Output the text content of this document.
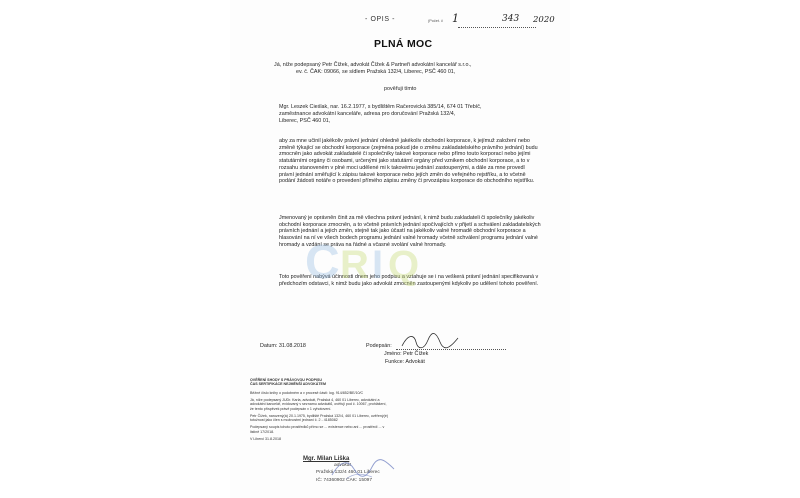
- OPIS -	(Počet. č 1	343 2020
PLNÁ MOC
Já, níže podepsaný Petr Čížek, advokát Čížek & Partneři advokátní kancelář s.r.o.,
ev. č. ČAK: 09066, se sídlem Pražská 132/4, Liberec, PSČ 460 01,
pověřuji tímto
Mgr. Leszek Cieślak, nar. 16.2.1977, s bydlištěm Račerovická 385/14, 674 01 Třebíč,
zaměstnance advokátní kanceláře, adresa pro doručování Pražská 132/4,
Liberec, PSČ 460 01,

aby za mne učinil jakékoliv právní jednání ohledně jakékoliv obchodní korporace, k jejímuž založení nebo změně týkající se obchodní korporace (zejména pokud jde o změnu zakladatelského právního jednání) budu zmocněn jako advokát zakladatelé či společníky takové korporace nebo přímo touto korporací nebo jejími statutárními orgány či osobami, určenými jako statutární orgány před vznikem obchodní korporace, a to v rozsahu stanoveném v plné moci udělené mi k takovému jednání zastoupenými, a dále za mne provedl právní jednání směřující k zápisu takové korporace nebo jejích změn do veřejného rejstříku, a to včetně podání žádosti notáře o provedení přímého zápisu změny či prvozápisu korporace do obchodního rejstříku.

Jmenovaný je oprávněn činit za mě všechna právní jednání, k nimž budu zakladateli či společníky jakékoliv obchodní korporace zmocněn, a to včetně právních jednání spočívajících v přijetí a schválení zakladatelských právních jednání a jejich změn, stejně tak jako účastí na jakékoliv valné hromadě obchodní korporace a hlasování na ní ve všech bodech programu jednání valné hromady včetně schválení programu jednání valné hromady a vzdání se práva na řádné a včasné svolání valné hromady.

Toto pověření nabývá účinnosti dnem jeho podpisu a vztahuje se i na veškerá právní jednání specifikovaná v předchozím odstavci, k nimž budu jako advokát zmocněn zastoupenými kdykoliv po udělení tohoto pověření.

C R I Q
Datum: 31.08.2018	Podepsán:
Jméno: Petr Čížek
Funkce: Advokát
OVĚŘENÍ SHODY S PRÁVOVOU PODPISU
ČAS SERTIFIKÁCE NEJMĚNŠÍ ADVOKÁTEM

Běžné číslo knihy o podobném a v procesě části: log. 914/852/BE/10/C

Já, níže podepsaný JUDr. Karla, advokát, Pražská 4, 460 01 Liberec, advokátní a advokátní kancelář, evidovaný v seznamu advokátů, ověřuji pod č. 10067, prohlášení, že tento příspěvek právě podepsán v 1 vyhotovení.

Petr Čížek, narozený(á) 20.1.1975, bydliště Pražská 132/4, 460 01 Liberec, ověřený(é) totožnost jako člen s možnostmi jednaní č. 2 - 4185082

Podepsaný soupis tohoto prostředků přímo se ... existence nebo ani ... prostředí ... v listině 17/2018.

V Liberci 31.8.2018

Mgr. Milan Liška
advokát
Pražská 132/4 460 01 Liberec
IČ: 74360902 ČAK: 15097
